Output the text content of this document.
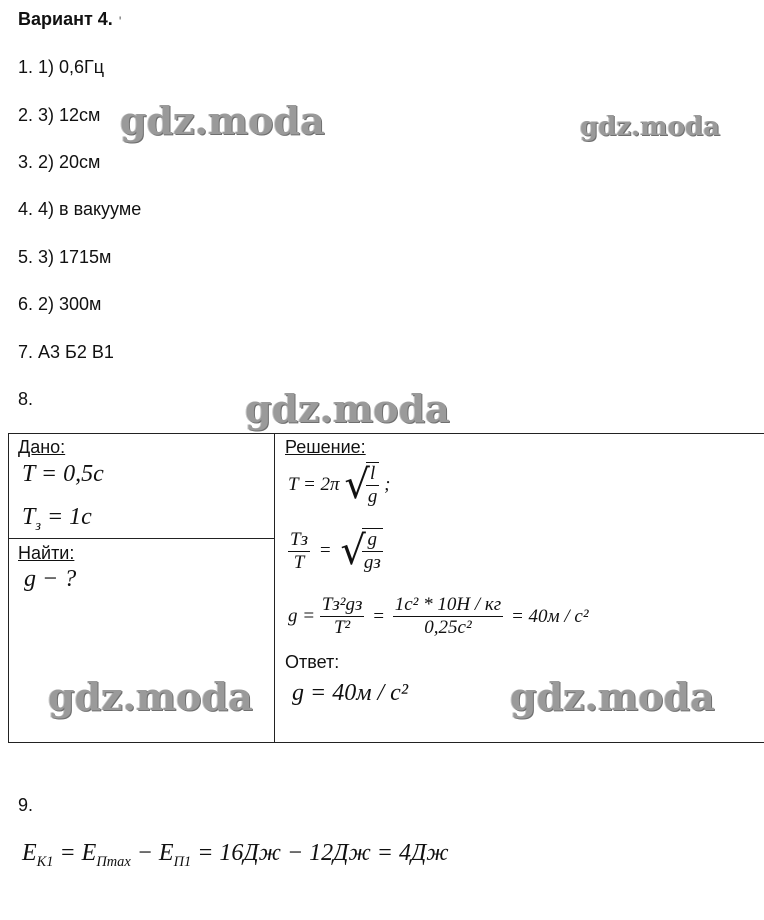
Вариант 4. '
1. 1) 0,6Гц
2. 3) 12см
3. 2) 20см
4. 4) в вакууме
5. 3) 1715м
6. 2) 300м
7. А3 Б2 В1
8.
gdz.moda	gdz.moda
gdz.moda
Дано:
T = 0,5c
$T_з = 1c$
Найти:
g − ?
Решение:
T = 2π √
$\frac{l}{g}$ ;
$\frac{Tз}{T}$ = √
$\frac{g}{gз}$
$g = \frac{\text{Tз²gз}}{\text{T²}} = \frac{\text{1c² * 10H / кг}}{\text{0,25c²}} = 40м / c^2$
Ответ:
g = 40м / c²
gdz.moda	gdz.moda
9.
$E_{K1} = E_{Пmax} - E_{П1} = 16Дж - 12Дж = 4Дж$
